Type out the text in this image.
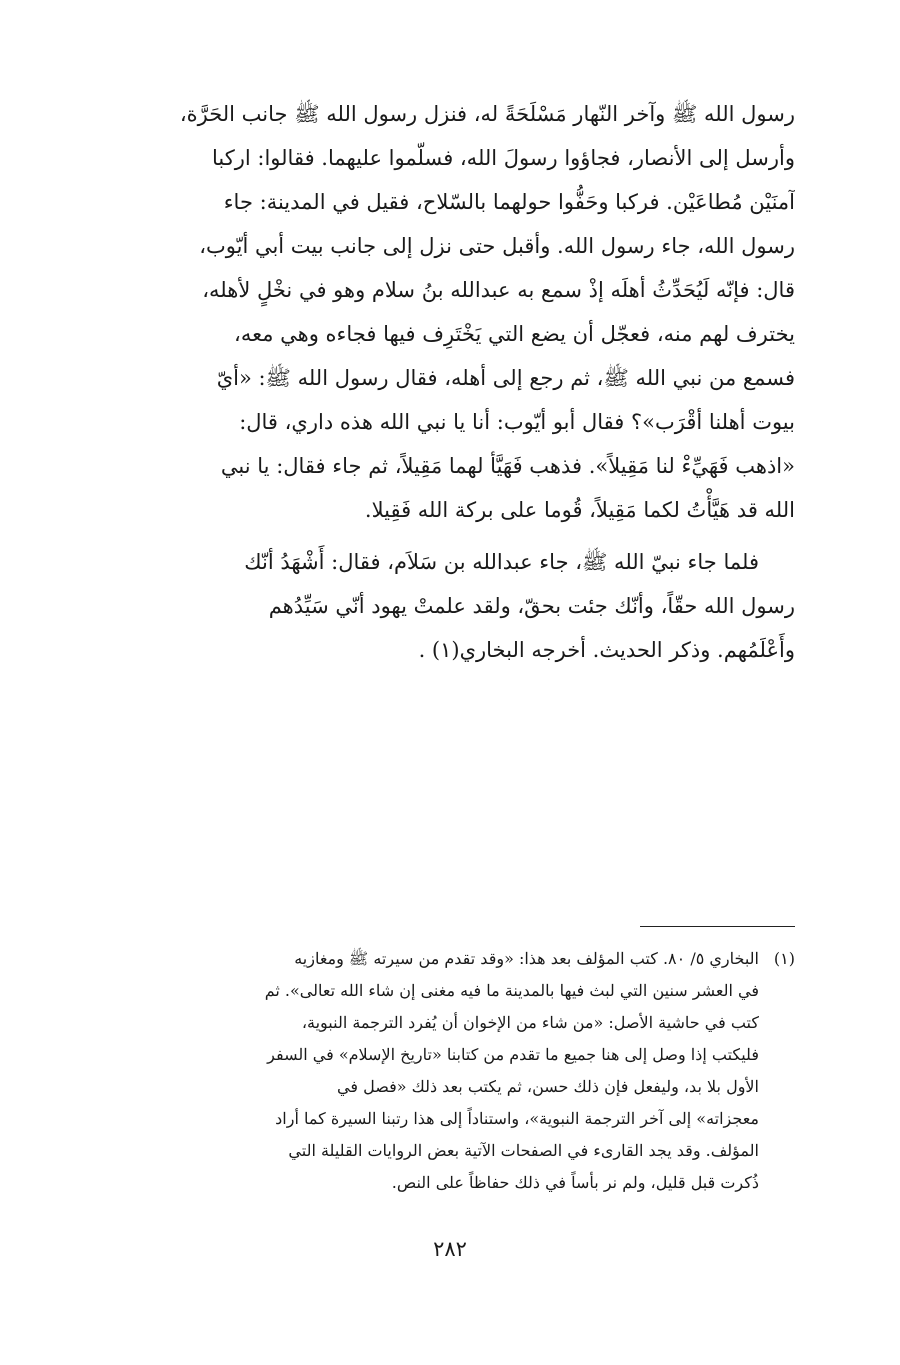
رسول الله ﷺ وآخر النّهار مَسْلَحَةً له، فنزل رسول الله ﷺ جانب الحَرَّة،
وأرسل إلى الأنصار، فجاؤوا رسولَ الله، فسلّموا عليهما. فقالوا: اركبا
آمنَيْن مُطاعَيْن. فركبا وحَفُّوا حولهما بالسّلاح، فقيل في المدينة: جاء
رسول الله، جاء رسول الله. وأقبل حتى نزل إلى جانب بيت أبي أيّوب،
قال: فإنّه لَيُحَدِّثُ أهلَه إذْ سمع به عبدالله بنُ سلام وهو في نخْلٍ لأهله،
يخترف لهم منه، فعجّل أن يضع التي يَخْتَرِف فيها فجاءه وهي معه،
فسمع من نبي الله ﷺ، ثم رجع إلى أهله، فقال رسول الله ﷺ: «أيّ
بيوت أهلنا أقْرَب»؟ فقال أبو أيّوب: أنا يا نبي الله هذه داري، قال:
«اذهب فَهَيِّءْ لنا مَقِيلاً». فذهب فَهَيَّأ لهما مَقِيلاً، ثم جاء فقال: يا نبي
الله قد هَيَّأْتُ لكما مَقِيلاً، قُوما على بركة الله فَقِيلا.
فلما جاء نبيّ الله ﷺ، جاء عبدالله بن سَلاَم، فقال: أَشْهَدُ أنّك
رسول الله حقّاً، وأنّك جئت بحقّ، ولقد علمتْ يهود أنّي سَيِّدُهم
وأَعْلَمُهم. وذكر الحديث. أخرجه البخاري(١) .
(١)البخاري ٥/ ٨٠. كتب المؤلف بعد هذا: «وقد تقدم من سيرته ﷺ ومغازيه
في العشر سنين التي لبث فيها بالمدينة ما فيه مغنى إن شاء الله تعالى». ثم
كتب في حاشية الأصل: «من شاء من الإخوان أن يُفرد الترجمة النبوية،
فليكتب إذا وصل إلى هنا جميع ما تقدم من كتابنا «تاريخ الإسلام» في السفر
الأول بلا بد، وليفعل فإن ذلك حسن، ثم يكتب بعد ذلك «فصل في
معجزاته» إلى آخر الترجمة النبوية»، واستناداً إلى هذا رتبنا السيرة كما أراد
المؤلف. وقد يجد القارىء في الصفحات الآتية بعض الروايات القليلة التي
ذُكرت قبل قليل، ولم نر بأساً في ذلك حفاظاً على النص.
٢٨٢
